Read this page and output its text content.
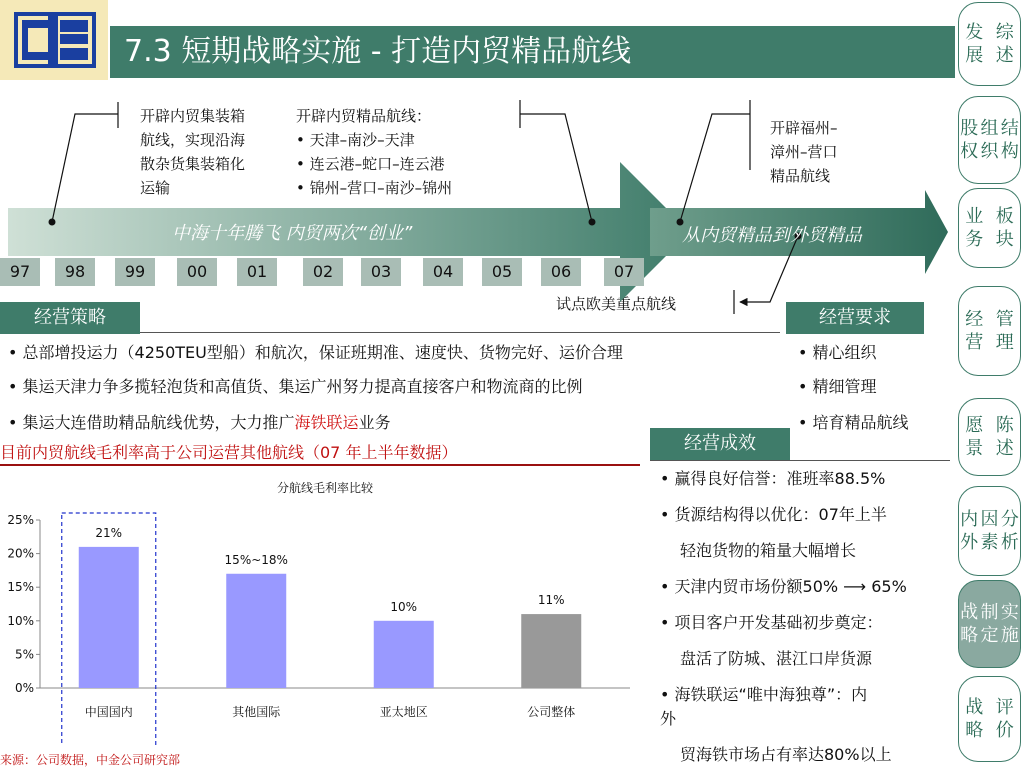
7.3 短期战略实施 - 打造内贸精品航线
开辟内贸集装箱
航线，实现沿海
散杂货集装箱化
运输
开辟内贸精品航线：
• 天津–南沙–天津
• 连云港–蛇口–连云港
• 锦州–营口–南沙–锦州
开辟福州–
漳州–营口
精品航线
试点欧美重点航线
中海十年腾飞 内贸两次“创业”	从内贸精品到外贸精品
97	98	99	00	01	02	03	04	05	06	07
经营策略
• 总部增投运力（4250TEU型船）和航次，保证班期准、速度快、货物完好、运价合理
• 集运天津力争多揽轻泡货和高值货、集运广州努力提高直接客户和物流商的比例
• 集运大连借助精品航线优势，大力推广海铁联运业务
经营要求
• 精心组织
• 精细管理
• 培育精品航线
目前内贸航线毛利率高于公司运营其他航线（07 年上半年数据）
分航线毛利率比较
0%
5%
10%
15%
20%
25%
21%
15%~18%
10%	11%
中国国内	其他国际	亚太地区	公司整体
来源：公司数据，中金公司研究部
经营成效
• 赢得良好信誉：准班率88.5%
• 货源结构得以优化：07年上半
轻泡货物的箱量大幅增长
• 天津内贸市场份额50% ⟶ 65%
• 项目客户开发基础初步奠定：
盘活了防城、湛江口岸货源
• 海铁联运“唯中海独尊”：内
外
贸海铁市场占有率达80%以上
发展
综述
股权
组织
结构
业务
板块
经营
管理
愿景
陈述
内外
因素
分析
战略
制定
实施
战略
评价
